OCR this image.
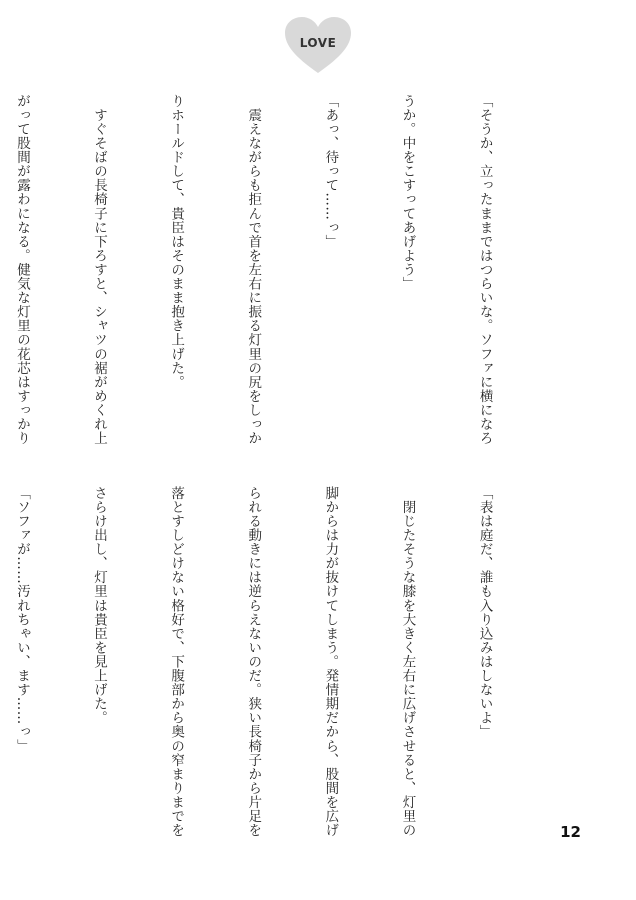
LOVE

「そうか、立ったままではつらいな。ソファに横になろ

うか。中をこすってあげよう」

「あっ、待って……っ」

　震えながらも拒んで首を左右に振る灯里の尻をしっか

りホールドして、貴臣はそのまま抱き上げた。

　すぐそばの長椅子に下ろすと、シャツの裾がめくれ上

がって股間が露わになる。健気な灯里の花芯はすっかり

「表は庭だ、誰も入り込みはしないよ」

　閉じたそうな膝を大きく左右に広げさせると、灯里の

脚からは力が抜けてしまう。発情期だから、股間を広げ

られる動きには逆らえないのだ。狭い長椅子から片足を

落とすしどけない格好で、下腹部から奥の窄まりまでを

さらけ出し、灯里は貴臣を見上げた。

「ソファが……汚れちゃい、ます……っ」

12
